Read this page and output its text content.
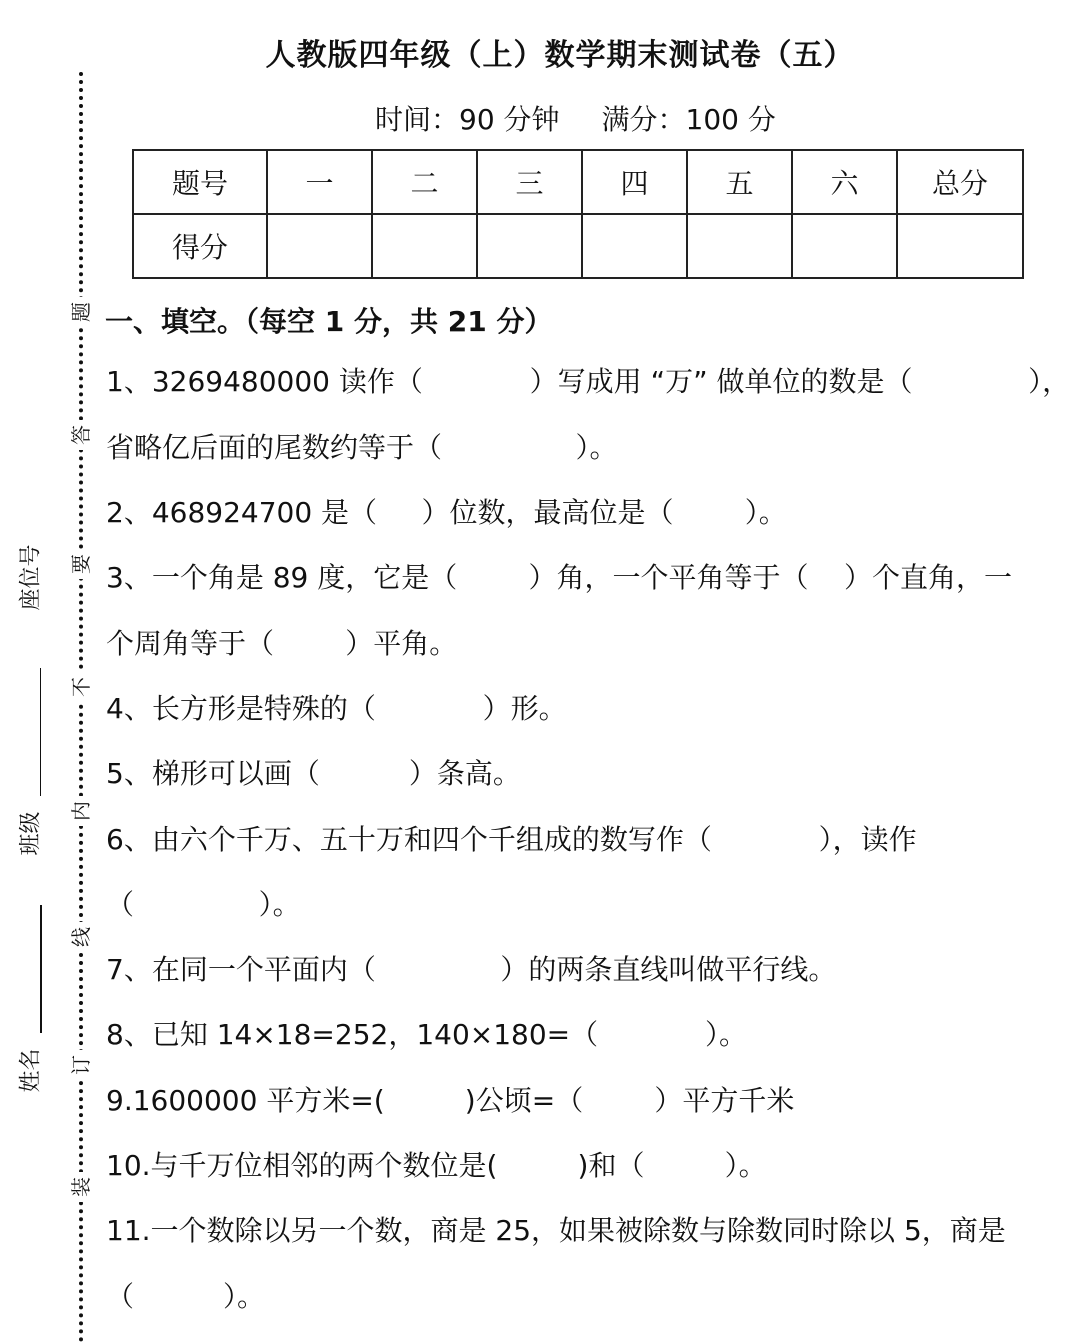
人教版四年级（上）数学期末测试卷（五）
时间：90 分钟 满分：100 分
题号	一	二	三	四	五	六	总分
得分							
题
答
要
不
内
线
订
装
座位号
班级
姓名
一、填空。（每空 1 分，共 21 分）
1、3269480000 读作（            ）写成用 “万” 做单位的数是（             ），
省略亿后面的尾数约等于（               ）。
2、468924700 是（     ）位数，最高位是（        ）。
3、一个角是 89 度，它是（        ）角，一个平角等于（    ）个直角，一
个周角等于（        ）平角。
4、长方形是特殊的（            ）形。
5、梯形可以画（          ）条高。
6、由六个千万、五十万和四个千组成的数写作（            ），读作
（              ）。
7、在同一个平面内（              ）的两条直线叫做平行线。
8、已知 14×18=252，140×180=（            ）。
9.1600000 平方米=(         )公顷=（        ）平方千米
10.与千万位相邻的两个数位是(         )和（         ）。
11.一个数除以另一个数，商是 25，如果被除数与除数同时除以 5，商是
（          ）。
